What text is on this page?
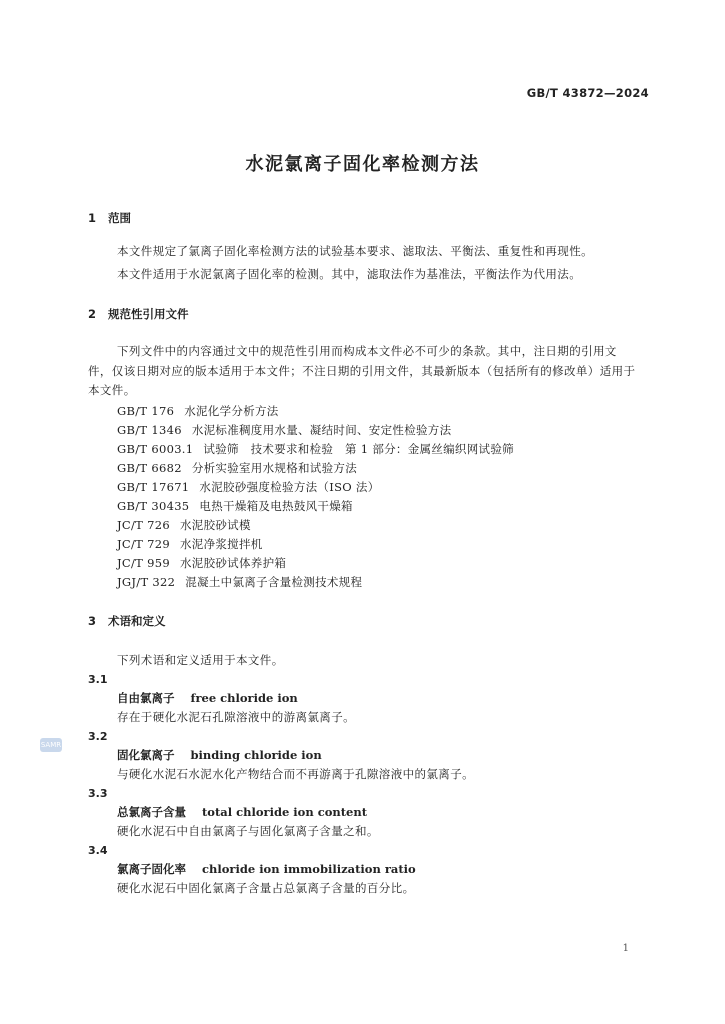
GB/T 43872—2024
水泥氯离子固化率检测方法
1 范围
本文件规定了氯离子固化率检测方法的试验基本要求、滤取法、平衡法、重复性和再现性。
本文件适用于水泥氯离子固化率的检测。其中，滤取法作为基准法，平衡法作为代用法。
2 规范性引用文件
下列文件中的内容通过文中的规范性引用而构成本文件必不可少的条款。其中，注日期的引用文
件，仅该日期对应的版本适用于本文件；不注日期的引用文件，其最新版本（包括所有的修改单）适用于
本文件。
GB/T 176 水泥化学分析方法
GB/T 1346 水泥标准稠度用水量、凝结时间、安定性检验方法
GB/T 6003.1 试验筛　技术要求和检验　第 1 部分：金属丝编织网试验筛
GB/T 6682 分析实验室用水规格和试验方法
GB/T 17671 水泥胶砂强度检验方法（ISO 法）
GB/T 30435 电热干燥箱及电热鼓风干燥箱
JC/T 726 水泥胶砂试模
JC/T 729 水泥净浆搅拌机
JC/T 959 水泥胶砂试体养护箱
JGJ/T 322 混凝土中氯离子含量检测技术规程
3 术语和定义
下列术语和定义适用于本文件。
3.1
自由氯离子 free chloride ion
存在于硬化水泥石孔隙溶液中的游离氯离子。
3.2
固化氯离子 binding chloride ion
与硬化水泥石水泥水化产物结合而不再游离于孔隙溶液中的氯离子。
3.3
总氯离子含量 total chloride ion content
硬化水泥石中自由氯离子与固化氯离子含量之和。
3.4
氯离子固化率 chloride ion immobilization ratio
硬化水泥石中固化氯离子含量占总氯离子含量的百分比。
SAMR
1
